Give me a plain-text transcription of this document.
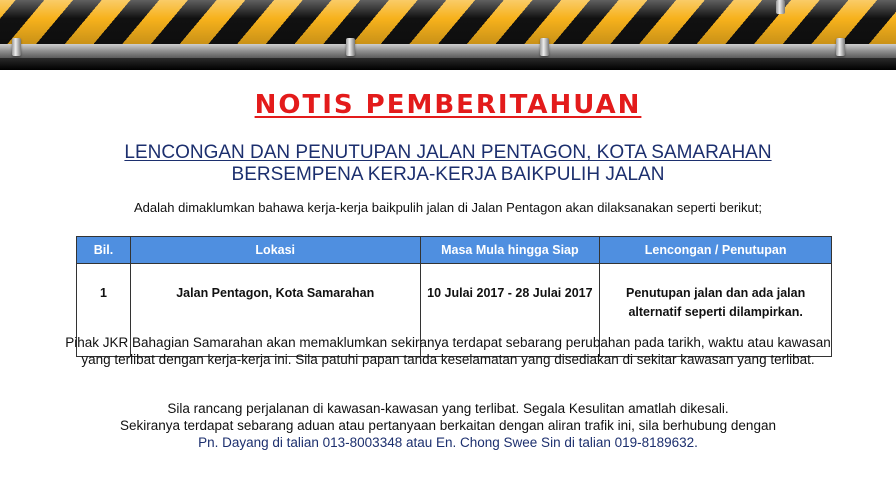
NOTIS PEMBERITAHUAN
LENCONGAN DAN PENUTUPAN JALAN PENTAGON, KOTA SAMARAHAN
BERSEMPENA KERJA-KERJA BAIKPULIH JALAN
Adalah dimaklumkan bahawa kerja-kerja baikpulih jalan di Jalan Pentagon akan dilaksanakan seperti berikut;
Bil.	Lokasi	Masa Mula hingga Siap	Lencongan / Penutupan
1	Jalan Pentagon, Kota Samarahan	10 Julai 2017 - 28 Julai 2017	Penutupan jalan dan ada jalan
alternatif seperti dilampirkan.
Pihak JKR Bahagian Samarahan akan memaklumkan sekiranya terdapat sebarang perubahan pada tarikh, waktu atau kawasan
yang terlibat dengan kerja-kerja ini. Sila patuhi papan tanda keselamatan yang disediakan di sekitar kawasan yang terlibat.
Sila rancang perjalanan di kawasan-kawasan yang terlibat. Segala Kesulitan amatlah dikesali.
Sekiranya terdapat sebarang aduan atau pertanyaan berkaitan dengan aliran trafik ini, sila berhubung dengan
Pn. Dayang di talian 013-8003348 atau En. Chong Swee Sin di talian 019-8189632.
